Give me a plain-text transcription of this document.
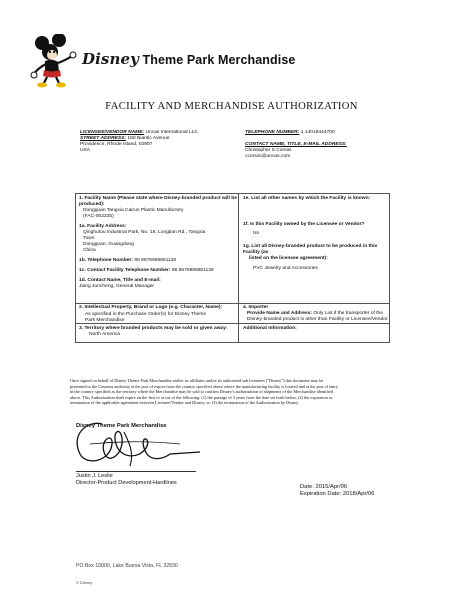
Disney Theme Park Merchandise
FACILITY AND MERCHANDISE AUTHORIZATION
LICENSEE/VENDOR NAME: Uncas International LLC
STREET ADDRESS: 150 Niantic Avenue
Providence, Rhode Island, 02907
USA
TELEPHONE NUMBER: 1 14019444700
CONTACT NAME, TITLE, E-MAIL ADDRESS:
Christopher S Corsini
ccorsini@uncas.com
1. Facility Name (Please state where Disney-branded product will be produced):
Dongguan Tangxia Cairun Plastic Manufactory
(FAC-002335)
1a. Facility Address:
Qinghutou Industrial Park, No. 18, Longtian Rd., Tangxia
Town
Dongguan, Guangdong
China
1b. Telephone Number: 86 8676986851128
1c. Contact Facility Telephone Number: 86 8676986851128
1d. Contact Name, Title and E-mail:
Jiang Juncheng, General Manager
1e. List all other names by which the Facility is known:
1f. Is this Facility owned by the Licensee or Vendor?
No
1g. List all Disney-branded product to be produced in this Facility (as
listed on the licensee agreement):
PVC Jewelry and Accessories
2. Intellectual Property, Brand or Logo (e.g. Character, Name):
As specified in the Purchase Order(s) for Disney Theme
Park Merchandise
4. Importer
Provide Name and Address: Only List if the transporter of the
Disney-branded product is other than Facility or Licensee/Vendor
3. Territory where branded products may be sold or given away:
North America
Additional Information:
Once signed on behalf of Disney Theme Park Merchandise and/or its affiliates and/or its authorized sub licensees ("Disney") this document may be
presented to the Customs authority at the port of export from the country specified above where the manufacturing facility is located and at the port of entry
in the country specified as the territory where the Merchandise may be sold to confirm Disney's authorization of shipments of the Merchandise identified
above. This Authorization shall expire on the first to occur of the following: (1) the passage of 3 years from the date set forth below, (2) the expiration or
termination of the applicable agreement between Licensee/Vendor and Disney, or, (3) the termination of the Authorization by Disney.
Disney Theme Park Merchandise
Justin J. Leslie
Director-Product Development-Hardlines
Date: 2015/Apr/06
Expiration Date: 2018/Apr/06
PO Box 10000, Lake Buena Vista, FL 32830
© Disney
